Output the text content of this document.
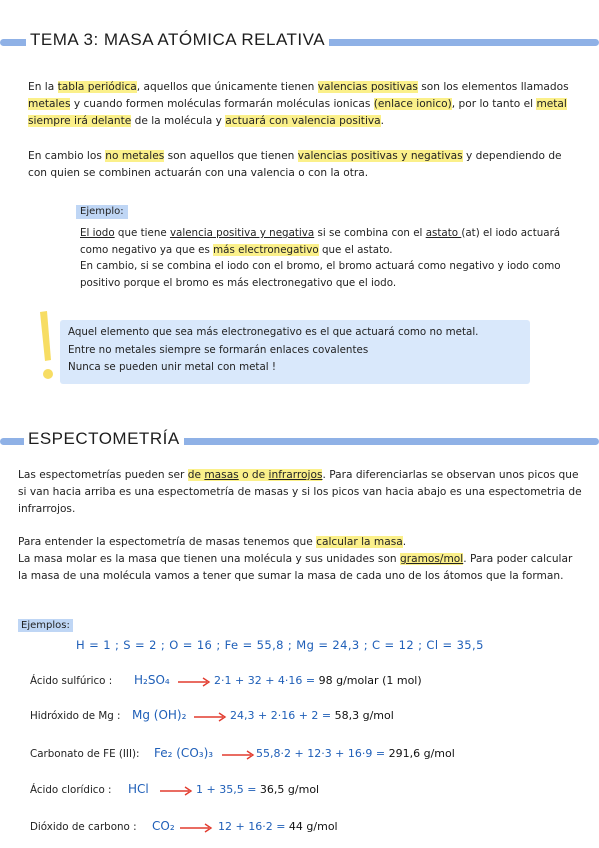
TEMA 3: MASA ATÓMICA RELATIVA

En la tabla periódica, aquellos que únicamente tienen valencias positivas son los elementos llamados metales y cuando formen moléculas formarán moléculas ionicas (enlace ionico), por lo tanto el metal siempre irá delante de la molécula y actuará con valencia positiva.

En cambio los no metales son aquellos que tienen valencias positivas y negativas y dependiendo de con quien se combinen actuarán con una valencia o con la otra.

Ejemplo:

El iodo que tiene valencia positiva y negativa si se combina con el astato (at) el iodo actuará como negativo ya que es más electronegativo que el astato.

En cambio, si se combina el iodo con el bromo, el bromo actuará como negativo y iodo como positivo porque el bromo es más electronegativo que el iodo.

Aquel elemento que sea más electronegativo es el que actuará como no metal.
Entre no metales siempre se formarán enlaces covalentes
Nunca se pueden unir metal con metal !
ESPECTOMETRÍA

Las espectometrías pueden ser de masas o de infrarrojos. Para diferenciarlas se observan unos picos que si van hacia arriba es una espectometría de masas y si los picos van hacia abajo es una espectometria de infrarrojos.

Para entender la espectometría de masas tenemos que calcular la masa.
La masa molar es la masa que tienen una molécula y sus unidades son gramos/mol. Para poder calcular la masa de una molécula vamos a tener que sumar la masa de cada uno de los átomos que la forman.

Ejemplos:
H = 1 ; S = 2 ; O = 16 ; Fe = 55,8 ; Mg = 24,3 ; C = 12 ; Cl = 35,5
Ácido sulfúrico : H₂SO₄	2·1 + 32 + 4·16 = 98 g/molar (1 mol)
Hidróxido de Mg : Mg (OH)₂	24,3 + 2·16 + 2 = 58,3 g/mol
Carbonato de FE (III): Fe₂ (CO₃)₃	55,8·2 + 12·3 + 16·9 = 291,6 g/mol
Ácido clorídico : HCl	1 + 35,5 = 36,5 g/mol
Dióxido de carbono : CO₂	12 + 16·2 = 44 g/mol
